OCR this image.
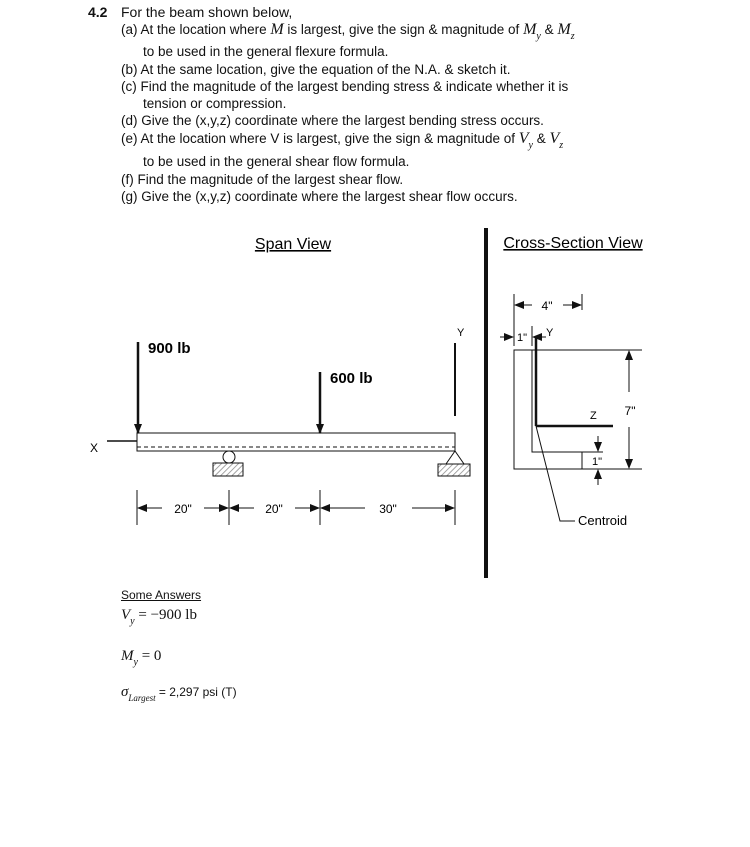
4.2 For the beam shown below,
(a) At the location where M is largest, give the sign & magnitude of $M_y$ & $M_z$
to be used in the general flexure formula.
(b) At the same location, give the equation of the N.A. & sketch it.
(c) Find the magnitude of the largest bending stress & indicate whether it is
tension or compression.
(d) Give the (x,y,z) coordinate where the largest bending stress occurs.
(e) At the location where V is largest, give the sign & magnitude of $V_y$ & $V_z$
to be used in the general shear flow formula.
(f) Find the magnitude of the largest shear flow.
(g) Give the (x,y,z) coordinate where the largest shear flow occurs.
Span View
X
Y
900 lb
600 lb
20"	20"	30"
Cross-Section View
4"
1" Y
Z 7"
1"
Centroid
Some Answers
$V_y = -900$ lb
$M_y = 0$
$\sigma_{Largest} = 2,297$ psi (T)
